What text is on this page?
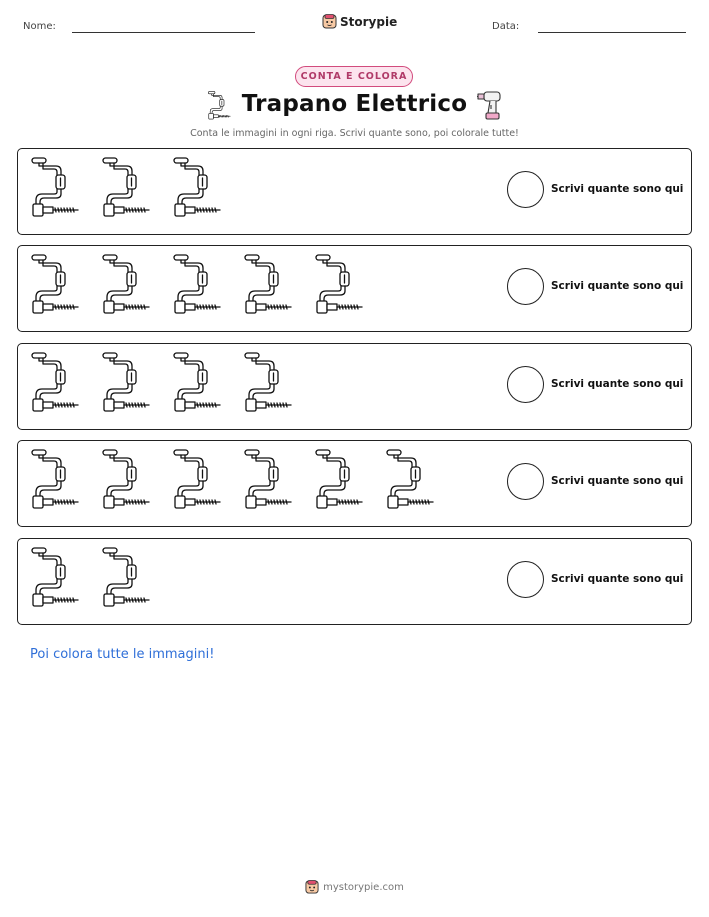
Nome:	Storypie	Data:
CONTA E COLORA
Trapano Elettrico
Conta le immagini in ogni riga. Scrivi quante sono, poi colorale tutte!
Scrivi quante sono qui
Scrivi quante sono qui
Scrivi quante sono qui
Scrivi quante sono qui
Scrivi quante sono qui
Poi colora tutte le immagini!
mystorypie.com
